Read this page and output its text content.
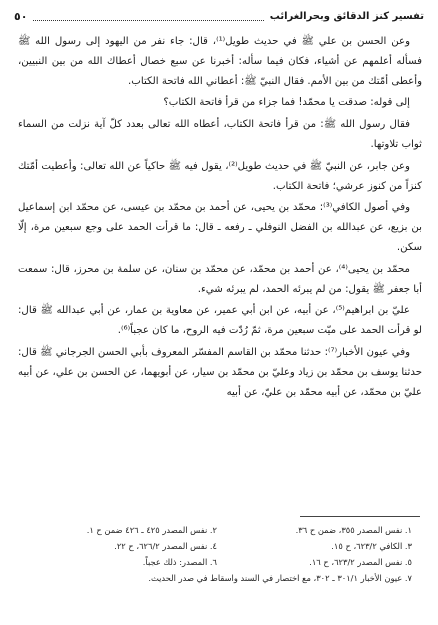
٥٠	تفسير كنز الدقائق وبحرالغرائب

وعن الحسن بن علي ﷺ في حديث طويل⁽¹⁾، قال: جاء نفر من اليهود إلى رسول الله ﷺ فسأله أعلمهم عن أشياء، فكان فيما سأله: أخبرنا عن سبع خصال أعطاك الله من بين النبيين، وأعطى أمّتك من بين الأمم. فقال النبيّ ﷺ: أعطاني الله فاتحة الكتاب.

إلى قوله: صدقت يا محمّد! فما جزاء من قرأ فاتحة الكتاب؟

فقال رسول الله ﷺ: من قرأ فاتحة الكتاب، أعطاه الله تعالى بعدد كلّ آية نزلت من السماء ثواب تلاوتها.

وعن جابر، عن النبيّ ﷺ في حديث طويل⁽²⁾، يقول فيه ﷺ حاكياً عن الله تعالى: وأعطيت أمّتك كنزاً من كنوز عرشي؛ فاتحة الكتاب.

وفي أصول الكافي⁽³⁾: محمّد بن يحيى، عن أحمد بن محمّد بن عيسى، عن محمّد ابن إسماعيل بن بزيع، عن عبدالله بن الفضل النوفلي ـ رفعه ـ قال: ما قرأت الحمد على وجع سبعين مرة، إلّا سكن.

محمّد بن يحيى⁽⁴⁾، عن أحمد بن محمّد، عن محمّد بن سنان، عن سلمة بن محرز، قال: سمعت أبا جعفر ﷺ يقول: من لم يبرئه الحمد، لم يبرئه شيء.

عليّ بن ابراهيم⁽⁵⁾، عن أبيه، عن ابن أبي عمير، عن معاوية بن عمار، عن أبي عبدالله ﷺ قال: لو قرأت الحمد على ميّت سبعين مرة، ثمّ رُدّت فيه الروح، ما كان عجباً⁽⁶⁾.

وفي عيون الأخبار⁽⁷⁾: حدثنا محمّد بن القاسم المفسّر المعروف بأبي الحسن الجرجاني ﷺ قال: حدثنا يوسف بن محمّد بن زياد وعليّ بن محمّد بن سيار، عن أبويهما، عن الحسن بن علي، عن أبيه عليّ بن محمّد، عن أبيه محمّد بن عليّ، عن أبيه

١. نفس المصدر ٣٥٥، ضمن ح ٣٦.
٢. نفس المصدر ٤٢٥ ـ ٤٢٦ ضمن ح ١.
٣. الكافي ٦٢٣/٢، ح ١٥.
٤. نفس المصدر ٦٢٦/٢، ح ٢٢.
٥. نفس المصدر ٦٢٣/٢، ح ١٦.
٦. المصدر: ذلك عجباً.
٧. عيون الأخبار ٣٠١/١ ـ ٣٠٢، مع اختصار في السند واسقاط في صدر الحديث.
